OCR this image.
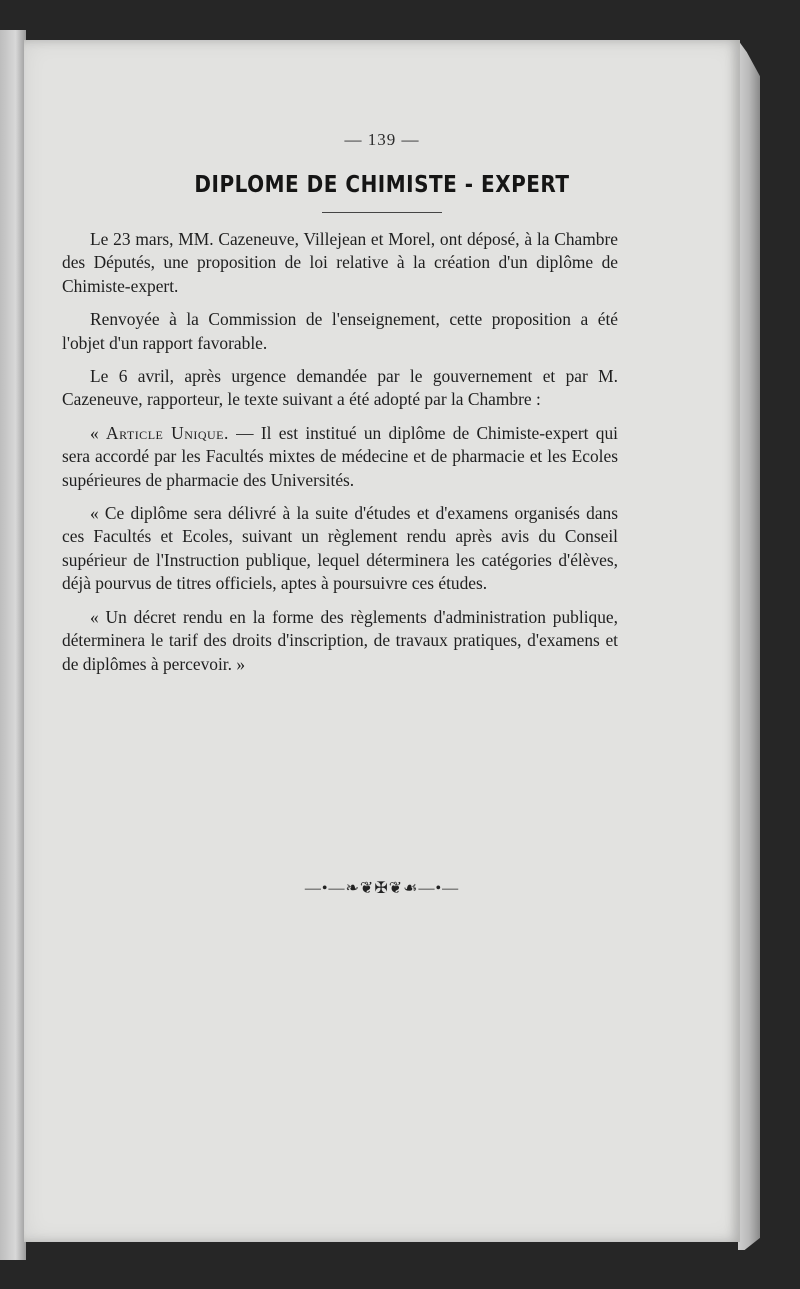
— 139 —
DIPLOME DE CHIMISTE - EXPERT

Le 23 mars, MM. Cazeneuve, Villejean et Morel, ont déposé, à la Chambre des Députés, une proposition de loi relative à la création d'un diplôme de Chimiste-expert.

Renvoyée à la Commission de l'enseignement, cette proposition a été l'objet d'un rapport favorable.

Le 6 avril, après urgence demandée par le gouvernement et par M. Cazeneuve, rapporteur, le texte suivant a été adopté par la Chambre :

« Article Unique. — Il est institué un diplôme de Chimiste-expert qui sera accordé par les Facultés mixtes de médecine et de pharmacie et les Ecoles supérieures de pharmacie des Universités.

« Ce diplôme sera délivré à la suite d'études et d'examens organisés dans ces Facultés et Ecoles, suivant un règlement rendu après avis du Conseil supérieur de l'Instruction publique, lequel déterminera les catégories d'élèves, déjà pourvus de titres officiels, aptes à poursuivre ces études.

« Un décret rendu en la forme des règlements d'administration publique, déterminera le tarif des droits d'inscription, de travaux pratiques, d'examens et de diplômes à percevoir. »

—•—❧❦✠❦☙—•—
